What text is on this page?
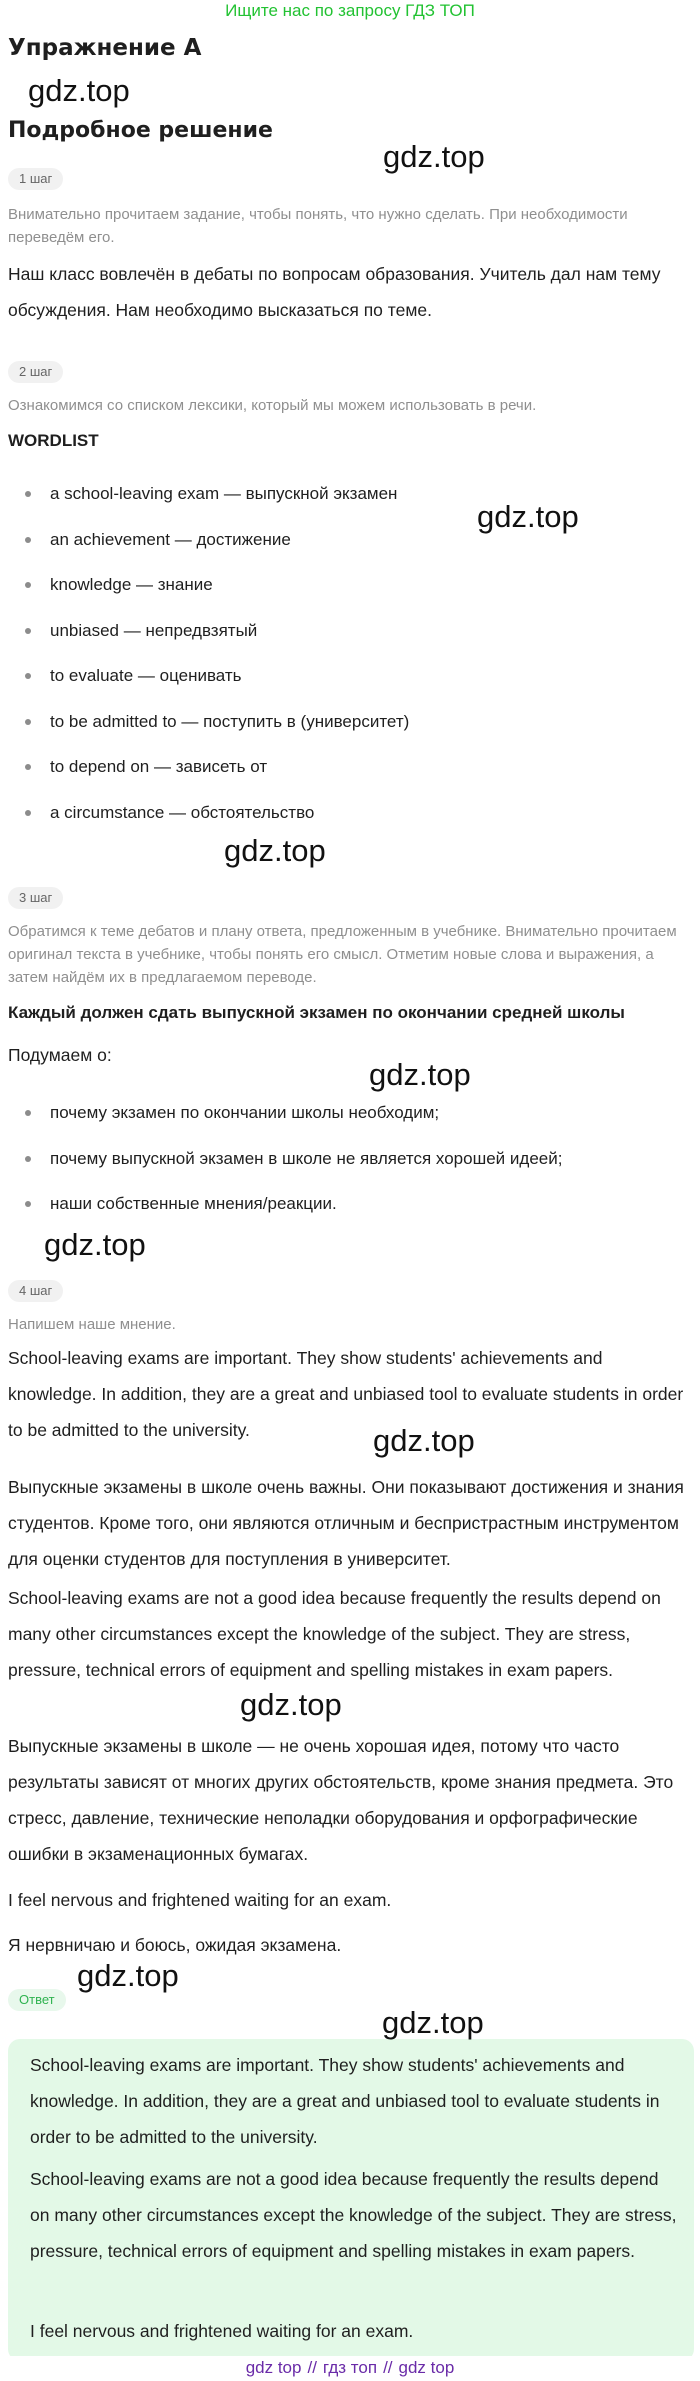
Ищите нас по запросу ГДЗ ТОП
Упражнение A
gdz.top
Подробное решение
gdz.top
1 шаг

Внимательно прочитаем задание, чтобы понять, что нужно сделать. При необходимости переведём его.

Наш класс вовлечён в дебаты по вопросам образования. Учитель дал нам тему обсуждения. Нам необходимо высказаться по теме.

2 шаг

Ознакомимся со списком лексики, который мы можем использовать в речи.

WORDLIST
gdz.top
a school-leaving exam — выпускной экзамен
an achievement — достижение
knowledge — знание
unbiased — непредвзятый
to evaluate — оценивать
to be admitted to — поступить в (университет)
to depend on — зависеть от
a circumstance — обстоятельство
gdz.top
3 шаг

Обратимся к теме дебатов и плану ответа, предложенным в учебнике. Внимательно прочитаем оригинал текста в учебнике, чтобы понять его смысл. Отметим новые слова и выражения, а затем найдём их в предлагаемом переводе.

Каждый должен сдать выпускной экзамен по окончании средней школы

Подумаем о:

gdz.top
почему экзамен по окончании школы необходим;
почему выпускной экзамен в школе не является хорошей идеей;
наши собственные мнения/реакции.
gdz.top
4 шаг

Напишем наше мнение.

School-leaving exams are important. They show students' achievements and knowledge. In addition, they are a great and unbiased tool to evaluate students in order to be admitted to the university.	gdz.top

Выпускные экзамены в школе очень важны. Они показывают достижения и знания студентов. Кроме того, они являются отличным и беспристрастным инструментом для оценки студентов для поступления в университет.

School-leaving exams are not a good idea because frequently the results depend on many other circumstances except the knowledge of the subject. They are stress, pressure, technical errors of equipment and spelling mistakes in exam papers.

gdz.top

Выпускные экзамены в школе — не очень хорошая идея, потому что часто результаты зависят от многих других обстоятельств, кроме знания предмета. Это стресс, давление, технические неполадки оборудования и орфографические ошибки в экзаменационных бумагах.

I feel nervous and frightened waiting for an exam.

Я нервничаю и боюсь, ожидая экзамена.

gdz.top
Ответ

School-leaving exams are important. They show students' achievements and knowledge. In addition, they are a great and unbiased tool to evaluate students in order to be admitted to the university.

School-leaving exams are not a good idea because frequently the results depend on many other circumstances except the knowledge of the subject. They are stress, pressure, technical errors of equipment and spelling mistakes in exam papers.

I feel nervous and frightened waiting for an exam.

gdz.top
gdz top // гдз топ // gdz top
